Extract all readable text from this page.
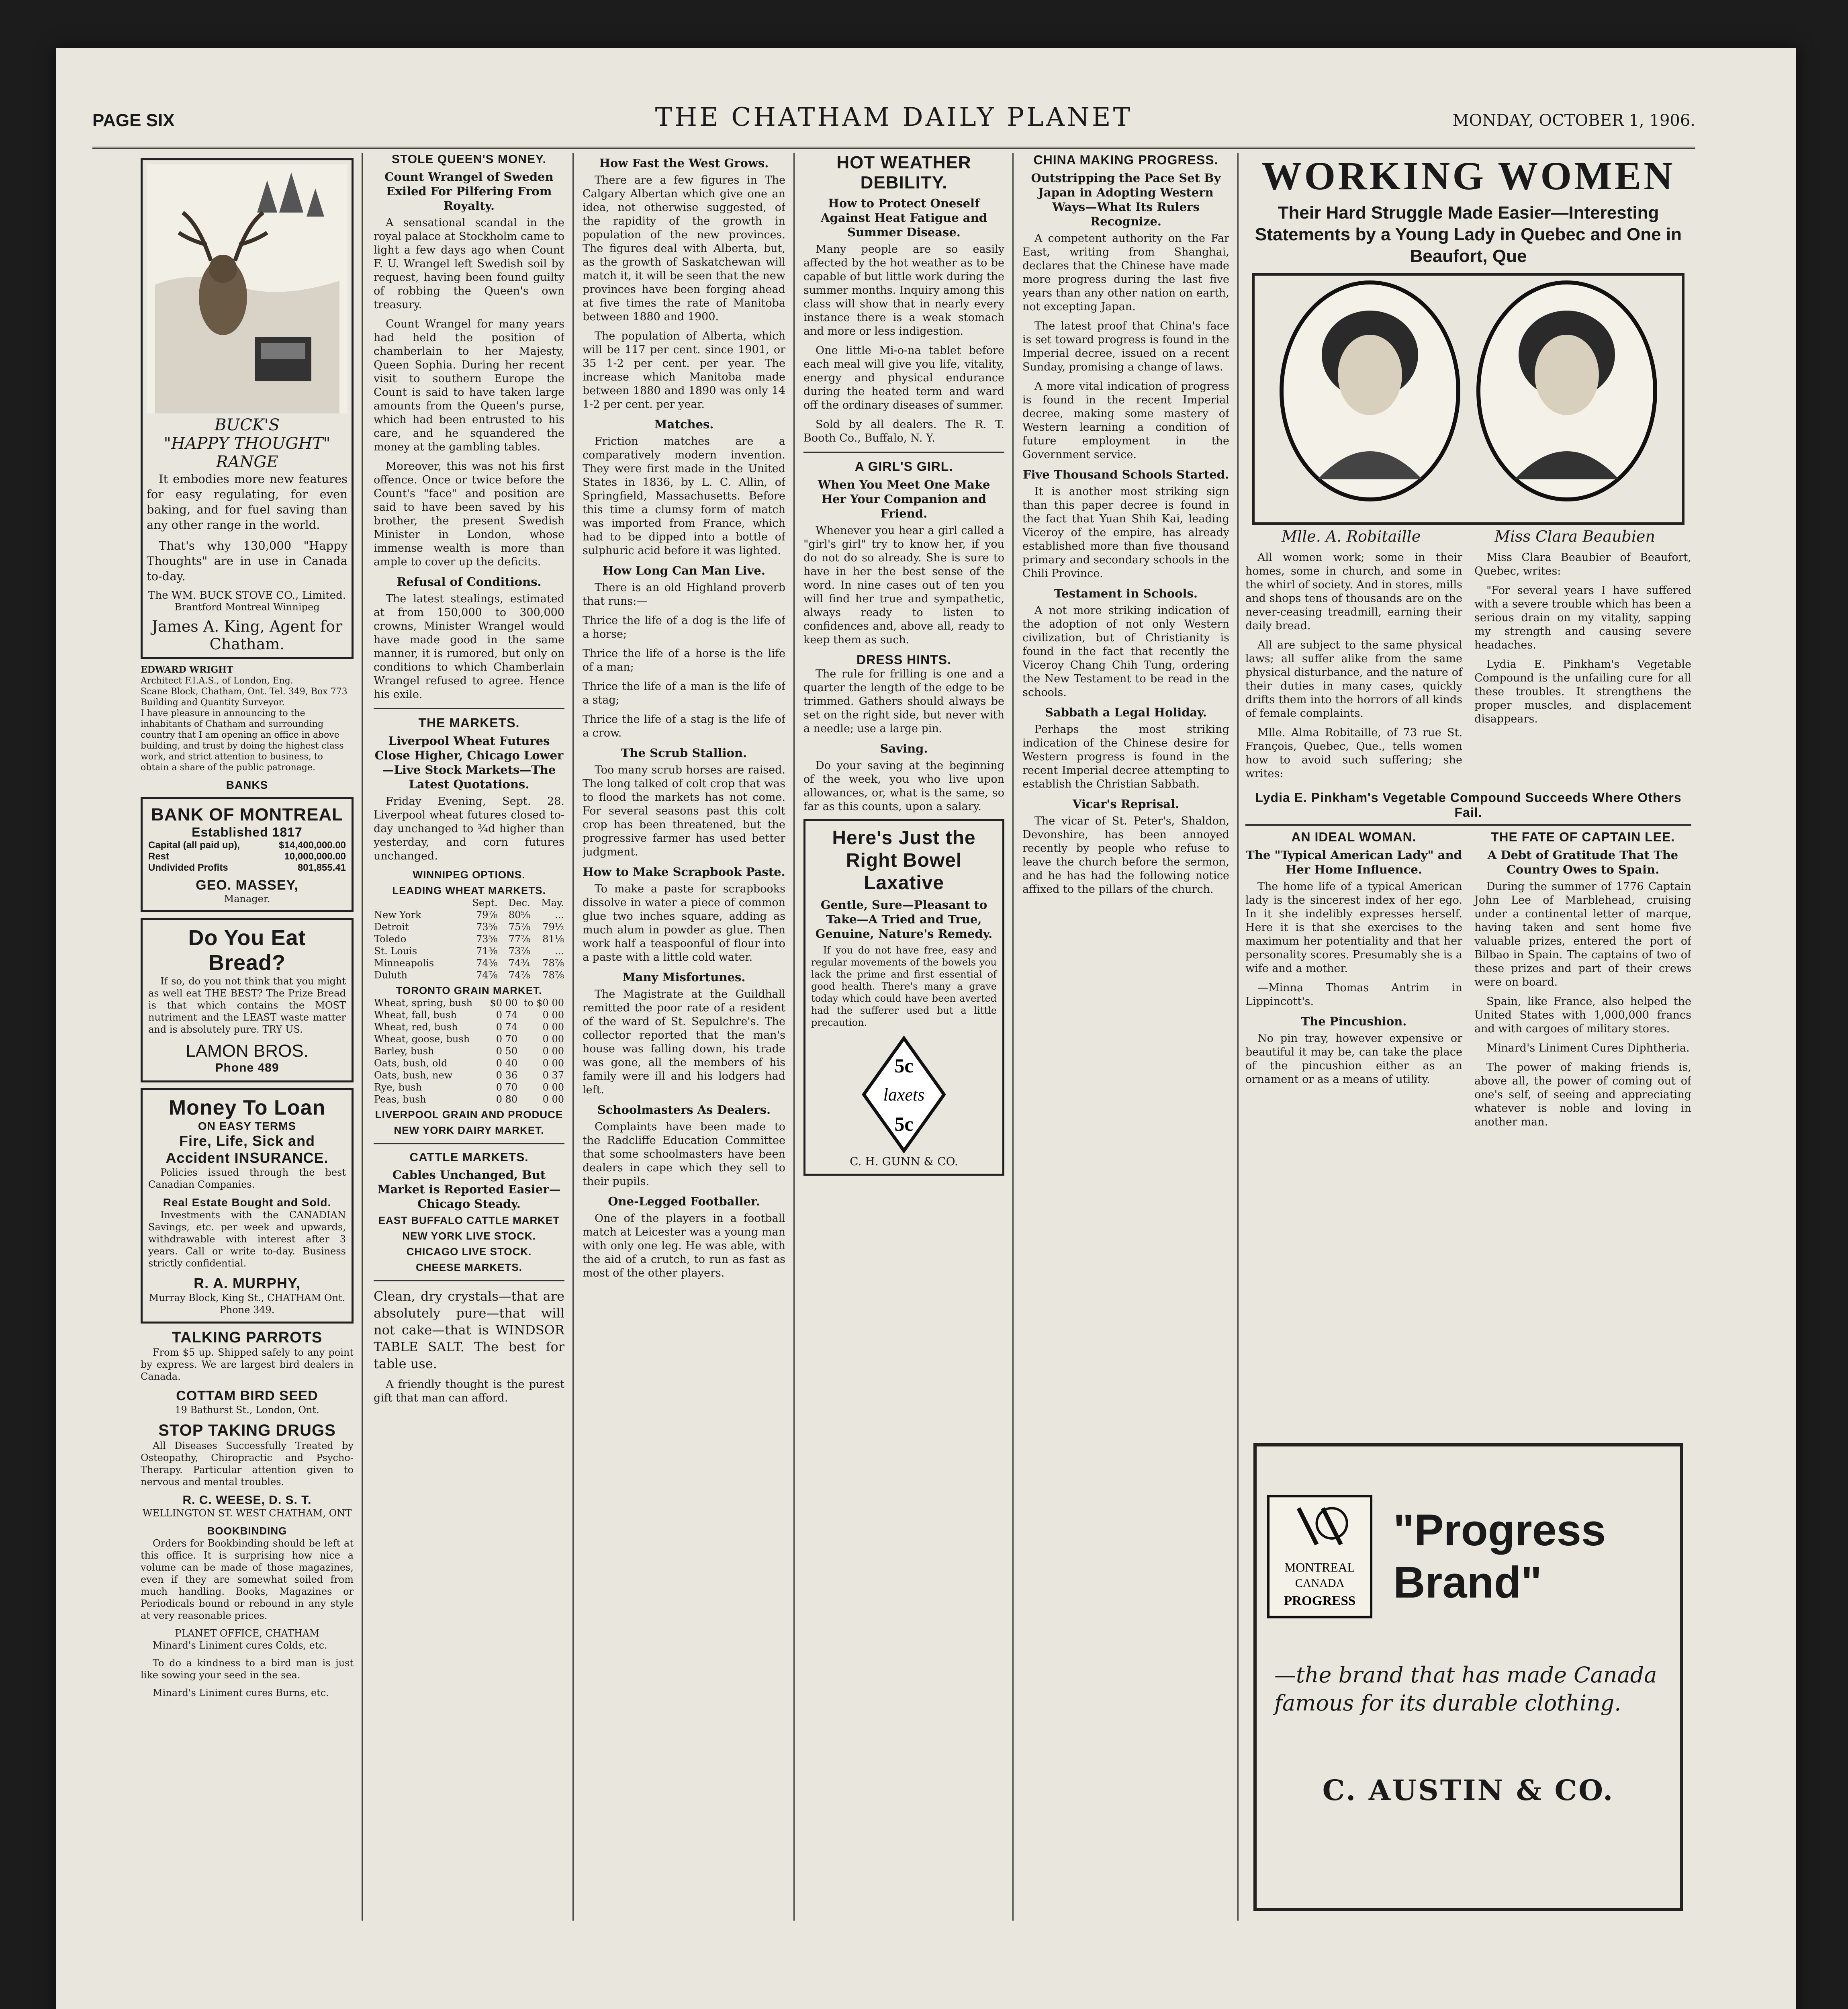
PAGE SIX	THE CHATHAM DAILY PLANET	MONDAY, OCTOBER 1, 1906.
BUCK'S
"HAPPY THOUGHT" RANGE

It embodies more new features for easy regulating, for even baking, and for fuel saving than any other range in the world.

That's why 130,000 "Happy Thoughts" are in use in Canada to-day.

The WM. BUCK STOVE CO., Limited.
Brantford Montreal Winnipeg
James A. King, Agent for Chatham.
EDWARD WRIGHT
Architect F.I.A.S., of London, Eng.
Scane Block, Chatham, Ont. Tel. 349, Box 773
Building and Quantity Surveyor.
I have pleasure in announcing to the inhabitants of Chatham and surrounding country that I am opening an office in above building, and trust by doing the highest class work, and strict attention to business, to obtain a share of the public patronage.
BANKS
BANK OF MONTREAL
Established 1817
Capital (all paid up),	$14,400,000.00
Rest	10,000,000.00
Undivided Profits	801,855.41
GEO. MASSEY,
Manager.
Do You Eat Bread?

If so, do you not think that you might as well eat THE BEST? The Prize Bread is that which contains the MOST nutriment and the LEAST waste matter and is absolutely pure. TRY US.

LAMON BROS.
Phone 489
Money To Loan
ON EASY TERMS
Fire, Life, Sick and Accident INSURANCE.

Policies issued through the best Canadian Companies.

Real Estate Bought and Sold.

Investments with the CANADIAN Savings, etc. per week and upwards, withdrawable with interest after 3 years. Call or write to-day. Business strictly confidential.

R. A. MURPHY,
Murray Block, King St., CHATHAM Ont. Phone 349.
TALKING PARROTS

From $5 up. Shipped safely to any point by express. We are largest bird dealers in Canada.

COTTAM BIRD SEED
19 Bathurst St., London, Ont.
STOP TAKING DRUGS

All Diseases Successfully Treated by Osteopathy, Chiropractic and Psycho-Therapy. Particular attention given to nervous and mental troubles.

R. C. WEESE, D. S. T.
WELLINGTON ST. WEST CHATHAM, ONT
BOOKBINDING

Orders for Bookbinding should be left at this office. It is surprising how nice a volume can be made of those magazines, even if they are somewhat soiled from much handling. Books, Magazines or Periodicals bound or rebound in any style at very reasonable prices.

PLANET OFFICE, CHATHAM

Minard's Liniment cures Colds, etc.

To do a kindness to a bird man is just like sowing your seed in the sea.

Minard's Liniment cures Burns, etc.

STOLE QUEEN'S MONEY.
Count Wrangel of Sweden Exiled For Pilfering From Royalty.

A sensational scandal in the royal palace at Stockholm came to light a few days ago when Count F. U. Wrangel left Swedish soil by request, having been found guilty of robbing the Queen's own treasury.

Count Wrangel for many years had held the position of chamberlain to her Majesty, Queen Sophia. During her recent visit to southern Europe the Count is said to have taken large amounts from the Queen's purse, which had been entrusted to his care, and he squandered the money at the gambling tables.

Moreover, this was not his first offence. Once or twice before the Count's "face" and position are said to have been saved by his brother, the present Swedish Minister in London, whose immense wealth is more than ample to cover up the deficits.

Refusal of Conditions.

The latest stealings, estimated at from 150,000 to 300,000 crowns, Minister Wrangel would have made good in the same manner, it is rumored, but only on conditions to which Chamberlain Wrangel refused to agree. Hence his exile.

THE MARKETS.
Liverpool Wheat Futures Close Higher, Chicago Lower—Live Stock Markets—The Latest Quotations.

Friday Evening, Sept. 28. Liverpool wheat futures closed to-day unchanged to ¾d higher than yesterday, and corn futures unchanged.

WINNIPEG OPTIONS.
LEADING WHEAT MARKETS.
	Sept.	Dec.	May.
New York	79⅞	80⅝	...
Detroit	73⅝	75⅞	79½
Toledo	73⅝	77⅞	81⅛
St. Louis	71⅜	73⅞	...
Minneapolis	74⅜	74¾	78⅞
Duluth	74⅞	74⅞	78⅞
TORONTO GRAIN MARKET.
Wheat, spring, bush	$0 00	to $0 00
Wheat, fall, bush	0 74	0 00
Wheat, red, bush	0 74	0 00
Wheat, goose, bush	0 70	0 00
Barley, bush	0 50	0 00
Oats, bush, old	0 40	0 00
Oats, bush, new	0 36	0 37
Rye, bush	0 70	0 00
Peas, bush	0 80	0 00
LIVERPOOL GRAIN AND PRODUCE
NEW YORK DAIRY MARKET.
CATTLE MARKETS.
Cables Unchanged, But Market is Reported Easier—Chicago Steady.
EAST BUFFALO CATTLE MARKET
NEW YORK LIVE STOCK.
CHICAGO LIVE STOCK.
CHEESE MARKETS.

Clean, dry crystals—that are absolutely pure—that will not cake—that is WINDSOR TABLE SALT. The best for table use.

A friendly thought is the purest gift that man can afford.

How Fast the West Grows.

There are a few figures in The Calgary Albertan which give one an idea, not otherwise suggested, of the rapidity of the growth in population of the new provinces. The figures deal with Alberta, but, as the growth of Saskatchewan will match it, it will be seen that the new provinces have been forging ahead at five times the rate of Manitoba between 1880 and 1900.

The population of Alberta, which will be 117 per cent. since 1901, or 35 1-2 per cent. per year. The increase which Manitoba made between 1880 and 1890 was only 14 1-2 per cent. per year.

Matches.

Friction matches are a comparatively modern invention. They were first made in the United States in 1836, by L. C. Allin, of Springfield, Massachusetts. Before this time a clumsy form of match was imported from France, which had to be dipped into a bottle of sulphuric acid before it was lighted.

How Long Can Man Live.

There is an old Highland proverb that runs:—

Thrice the life of a dog is the life of a horse;

Thrice the life of a horse is the life of a man;

Thrice the life of a man is the life of a stag;

Thrice the life of a stag is the life of a crow.

The Scrub Stallion.

Too many scrub horses are raised. The long talked of colt crop that was to flood the markets has not come. For several seasons past this colt crop has been threatened, but the progressive farmer has used better judgment.

How to Make Scrapbook Paste.

To make a paste for scrapbooks dissolve in water a piece of common glue two inches square, adding as much alum in powder as glue. Then work half a teaspoonful of flour into a paste with a little cold water.

Many Misfortunes.

The Magistrate at the Guildhall remitted the poor rate of a resident of the ward of St. Sepulchre's. The collector reported that the man's house was falling down, his trade was gone, all the members of his family were ill and his lodgers had left.

Schoolmasters As Dealers.

Complaints have been made to the Radcliffe Education Committee that some schoolmasters have been dealers in cape which they sell to their pupils.

One-Legged Footballer.

One of the players in a football match at Leicester was a young man with only one leg. He was able, with the aid of a crutch, to run as fast as most of the other players.

HOT WEATHER DEBILITY.
How to Protect Oneself Against Heat Fatigue and Summer Disease.

Many people are so easily affected by the hot weather as to be capable of but little work during the summer months. Inquiry among this class will show that in nearly every instance there is a weak stomach and more or less indigestion.

One little Mi-o-na tablet before each meal will give you life, vitality, energy and physical endurance during the heated term and ward off the ordinary diseases of summer.

Sold by all dealers. The R. T. Booth Co., Buffalo, N. Y.

A GIRL'S GIRL.
When You Meet One Make Her Your Companion and Friend.

Whenever you hear a girl called a "girl's girl" try to know her, if you do not do so already. She is sure to have in her the best sense of the word. In nine cases out of ten you will find her true and sympathetic, always ready to listen to confidences and, above all, ready to keep them as such.

DRESS HINTS.

The rule for frilling is one and a quarter the length of the edge to be trimmed. Gathers should always be set on the right side, but never with a needle; use a large pin.

Saving.

Do your saving at the beginning of the week, you who live upon allowances, or, what is the same, so far as this counts, upon a salary.

Here's Just the Right Bowel Laxative
Gentle, Sure—Pleasant to Take—A Tried and True, Genuine, Nature's Remedy.

If you do not have free, easy and regular movements of the bowels you lack the prime and first essential of good health. There's many a grave today which could have been averted had the sufferer used but a little precaution.

5c
laxets
5c
C. H. GUNN & CO.
CHINA MAKING PROGRESS.
Outstripping the Pace Set By Japan in Adopting Western Ways—What Its Rulers Recognize.

A competent authority on the Far East, writing from Shanghai, declares that the Chinese have made more progress during the last five years than any other nation on earth, not excepting Japan.

The latest proof that China's face is set toward progress is found in the Imperial decree, issued on a recent Sunday, promising a change of laws.

A more vital indication of progress is found in the recent Imperial decree, making some mastery of Western learning a condition of future employment in the Government service.

Five Thousand Schools Started.

It is another most striking sign than this paper decree is found in the fact that Yuan Shih Kai, leading Viceroy of the empire, has already established more than five thousand primary and secondary schools in the Chili Province.

Testament in Schools.

A not more striking indication of the adoption of not only Western civilization, but of Christianity is found in the fact that recently the Viceroy Chang Chih Tung, ordering the New Testament to be read in the schools.

Sabbath a Legal Holiday.

Perhaps the most striking indication of the Chinese desire for Western progress is found in the recent Imperial decree attempting to establish the Christian Sabbath.

Vicar's Reprisal.

The vicar of St. Peter's, Shaldon, Devonshire, has been annoyed recently by people who refuse to leave the church before the sermon, and he has had the following notice affixed to the pillars of the church.

WORKING WOMEN
Their Hard Struggle Made Easier—Interesting Statements by a Young Lady in Quebec and One in Beaufort, Que
Mlle. A. Robitaille	Miss Clara Beaubien

All women work; some in their homes, some in church, and some in the whirl of society. And in stores, mills and shops tens of thousands are on the never-ceasing treadmill, earning their daily bread.

All are subject to the same physical laws; all suffer alike from the same physical disturbance, and the nature of their duties in many cases, quickly drifts them into the horrors of all kinds of female complaints.

Mlle. Alma Robitaille, of 73 rue St. François, Quebec, Que., tells women how to avoid such suffering; she writes:

Miss Clara Beaubier of Beaufort, Quebec, writes:

"For several years I have suffered with a severe trouble which has been a serious drain on my vitality, sapping my strength and causing severe headaches.

Lydia E. Pinkham's Vegetable Compound is the unfailing cure for all these troubles. It strengthens the proper muscles, and displacement disappears.

Lydia E. Pinkham's Vegetable Compound Succeeds Where Others Fail.
AN IDEAL WOMAN.
The "Typical American Lady" and Her Home Influence.

The home life of a typical American lady is the sincerest index of her ego. In it she indelibly expresses herself. Here it is that she exercises to the maximum her potentiality and that her personality scores. Presumably she is a wife and a mother.

—Minna Thomas Antrim in Lippincott's.

The Pincushion.

No pin tray, however expensive or beautiful it may be, can take the place of the pincushion either as an ornament or as a means of utility.

THE FATE OF CAPTAIN LEE.
A Debt of Gratitude That The Country Owes to Spain.

During the summer of 1776 Captain John Lee of Marblehead, cruising under a continental letter of marque, having taken and sent home five valuable prizes, entered the port of Bilbao in Spain. The captains of two of these prizes and part of their crews were on board.

Spain, like France, also helped the United States with 1,000,000 francs and with cargoes of military stores.

Minard's Liniment Cures Diphtheria.

The power of making friends is, above all, the power of coming out of one's self, of seeing and appreciating whatever is noble and loving in another man.

MONTREAL
CANADA
PROGRESS
"Progress Brand"
—the brand that has made Canada famous for its durable clothing.
C. AUSTIN & CO.
